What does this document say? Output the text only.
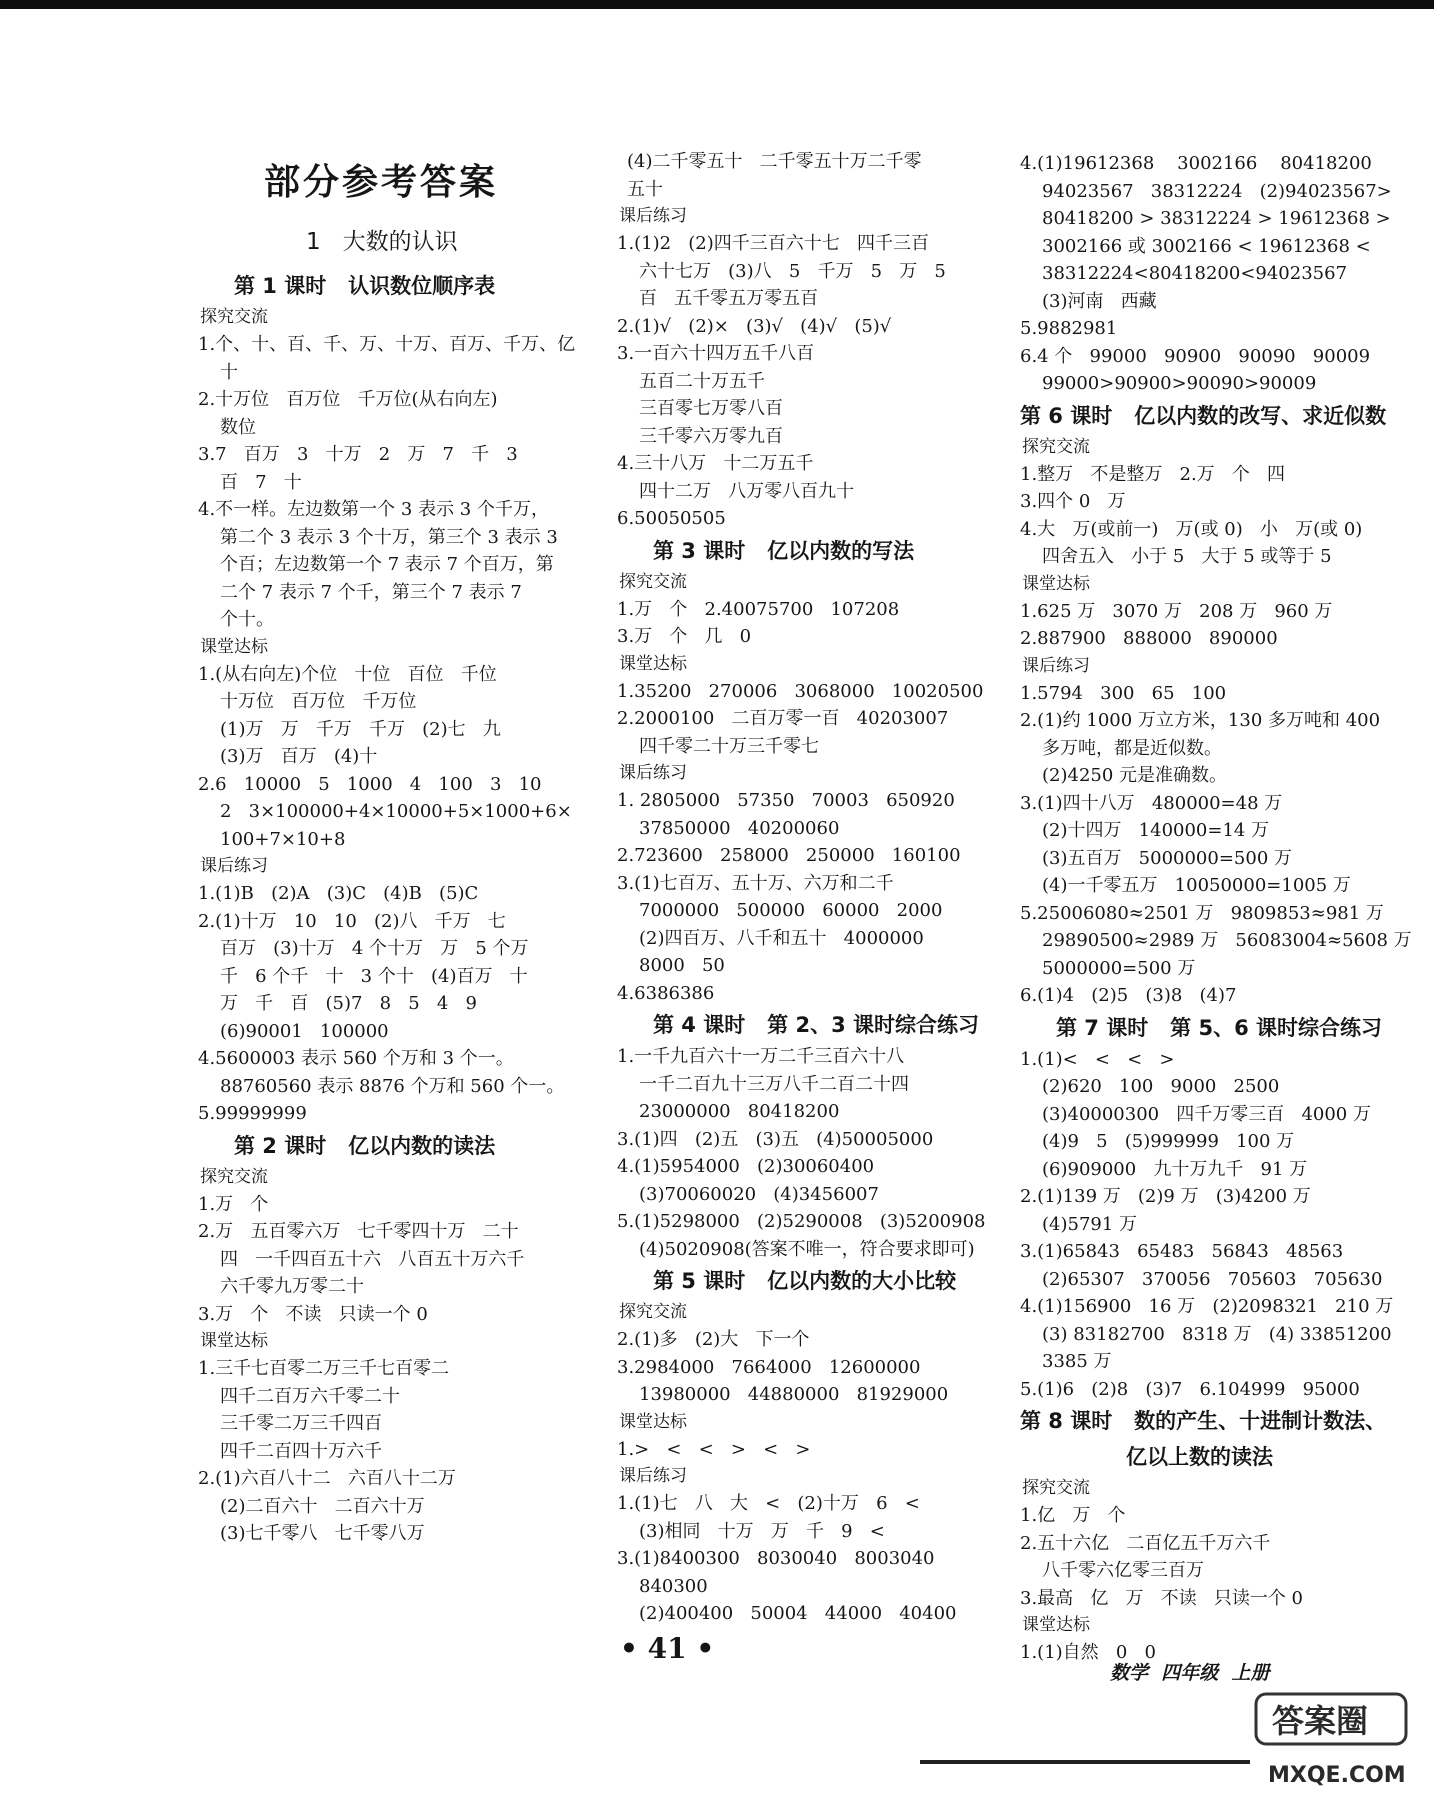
部分参考答案
1   大数的认识
第 1 课时   认识数位顺序表
探究交流
1.个、十、百、千、万、十万、百万、千万、亿
十
2.十万位   百万位   千万位(从右向左)
数位
3.7   百万   3   十万   2   万   7   千   3
百   7   十
4.不一样。左边数第一个 3 表示 3 个千万，
第二个 3 表示 3 个十万，第三个 3 表示 3
个百；左边数第一个 7 表示 7 个百万，第
二个 7 表示 7 个千，第三个 7 表示 7
个十。
课堂达标
1.(从右向左)个位   十位   百位   千位
十万位   百万位   千万位
(1)万   万   千万   千万   (2)七   九
(3)万   百万   (4)十
2.6   10000   5   1000   4   100   3   10
2   3×100000+4×10000+5×1000+6×
100+7×10+8
课后练习
1.(1)B   (2)A   (3)C   (4)B   (5)C
2.(1)十万   10   10   (2)八   千万   七
百万   (3)十万   4 个十万   万   5 个万
千   6 个千   十   3 个十   (4)百万   十
万   千   百   (5)7   8   5   4   9
(6)90001   100000
4.5600003 表示 560 个万和 3 个一。
88760560 表示 8876 个万和 560 个一。
5.99999999
第 2 课时   亿以内数的读法
探究交流
1.万   个
2.万   五百零六万   七千零四十万   二十
四   一千四百五十六   八百五十万六千
六千零九万零二十
3.万   个   不读   只读一个 0
课堂达标
1.三千七百零二万三千七百零二
四千二百万六千零二十
三千零二万三千四百
四千二百四十万六千
2.(1)六百八十二   六百八十二万
(2)二百六十   二百六十万
(3)七千零八   七千零八万
(4)二千零五十   二千零五十万二千零
五十
课后练习
1.(1)2   (2)四千三百六十七   四千三百
六十七万   (3)八   5   千万   5   万   5
百   五千零五万零五百
2.(1)√   (2)×   (3)√   (4)√   (5)√
3.一百六十四万五千八百
五百二十万五千
三百零七万零八百
三千零六万零九百
4.三十八万   十二万五千
四十二万   八万零八百九十
6.50050505
第 3 课时   亿以内数的写法
探究交流
1.万   个   2.40075700   107208
3.万   个   几   0
课堂达标
1.35200   270006   3068000   10020500
2.2000100   二百万零一百   40203007
四千零二十万三千零七
课后练习
1. 2805000   57350   70003   650920
37850000   40200060
2.723600   258000   250000   160100
3.(1)七百万、五十万、六万和二千
7000000   500000   60000   2000
(2)四百万、八千和五十   4000000
8000   50
4.6386386
第 4 课时   第 2、3 课时综合练习
1.一千九百六十一万二千三百六十八
一千二百九十三万八千二百二十四
23000000   80418200
3.(1)四   (2)五   (3)五   (4)50005000
4.(1)5954000   (2)30060400
(3)70060020   (4)3456007
5.(1)5298000   (2)5290008   (3)5200908
(4)5020908(答案不唯一，符合要求即可)
第 5 课时   亿以内数的大小比较
探究交流
2.(1)多   (2)大   下一个
3.2984000   7664000   12600000
13980000   44880000   81929000
课堂达标
1.>   <   <   >   <   >
课后练习
1.(1)七   八   大   <   (2)十万   6   <
(3)相同   十万   万   千   9   <
3.(1)8400300   8030040   8003040
840300
(2)400400   50004   44000   40400
4.(1)19612368    3002166    80418200
94023567   38312224   (2)94023567>
80418200 > 38312224 > 19612368 >
3002166 或 3002166 < 19612368 <
38312224<80418200<94023567
(3)河南   西藏
5.9882981
6.4 个   99000   90900   90090   90009
99000>90900>90090>90009
第 6 课时   亿以内数的改写、求近似数
探究交流
1.整万   不是整万   2.万   个   四
3.四个 0   万
4.大   万(或前一)   万(或 0)   小   万(或 0)
四舍五入   小于 5   大于 5 或等于 5
课堂达标
1.625 万   3070 万   208 万   960 万
2.887900   888000   890000
课后练习
1.5794   300   65   100
2.(1)约 1000 万立方米，130 多万吨和 400
多万吨，都是近似数。
(2)4250 元是准确数。
3.(1)四十八万   480000=48 万
(2)十四万   140000=14 万
(3)五百万   5000000=500 万
(4)一千零五万   10050000=1005 万
5.25006080≈2501 万   9809853≈981 万
29890500≈2989 万   56083004≈5608 万
5000000=500 万
6.(1)4   (2)5   (3)8   (4)7
第 7 课时   第 5、6 课时综合练习
1.(1)<   <   <   >
(2)620   100   9000   2500
(3)40000300   四千万零三百   4000 万
(4)9   5   (5)999999   100 万
(6)909000   九十万九千   91 万
2.(1)139 万   (2)9 万   (3)4200 万
(4)5791 万
3.(1)65843   65483   56843   48563
(2)65307   370056   705603   705630
4.(1)156900   16 万   (2)2098321   210 万
(3) 83182700   8318 万   (4) 33851200
3385 万
5.(1)6   (2)8   (3)7   6.104999   95000
第 8 课时   数的产生、十进制计数法、
亿以上数的读法
探究交流
1.亿   万   个
2.五十六亿   二百亿五千万六千
八千零六亿零三百万
3.最高   亿   万   不读   只读一个 0
课堂达标
1.(1)自然   0   0
• 41 •
数学  四年级  上册
答案圈
MXQE.COM
